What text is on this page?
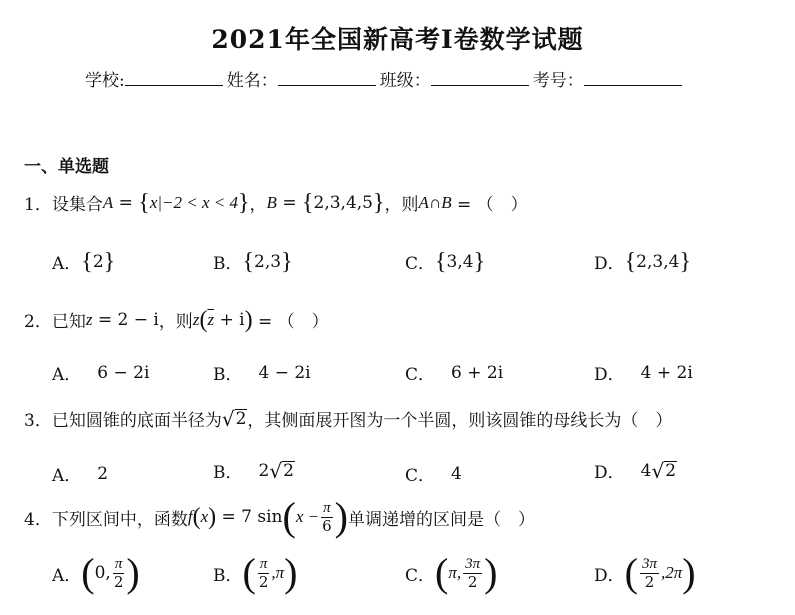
2021年全国新高考Ⅰ卷数学试题
学校:	姓名：	班级：	考号：
一、单选题
1． 设集合 A = { x|−2 < x < 4 } ， B = { 2,3,4,5 } ，则 A∩B = （　）
A． { 2 }	B． { 2,3 }	C． { 3,4 }	D． { 2,3,4 }
2． 已知 z = 2 − i ，则 z ( $\overline{z} + i$ ) = （　）
A． 6 − 2i	B． 4 − 2i	C． 6 + 2i	D． 4 + 2i
3． 已知圆锥的底面半径为 √ 2 ，其侧面展开图为一个半圆，则该圆锥的母线长为（　）
A． 2	B． 2 √ 2	C． 4	D． 4 √ 2
4． 下列区间中，函数 f ( x ) = 7 sin ( $x - \frac{\pi}{6}$ ) 单调递增的区间是（　）
A． ( 0, $\frac{\pi}{2}$ )	B． ( $\frac{\pi}{2} ,\pi$ )	C． ( π, $\frac{3\pi}{2}$ )	D． ( $\frac{3\pi}{2} ,2\pi$ )
